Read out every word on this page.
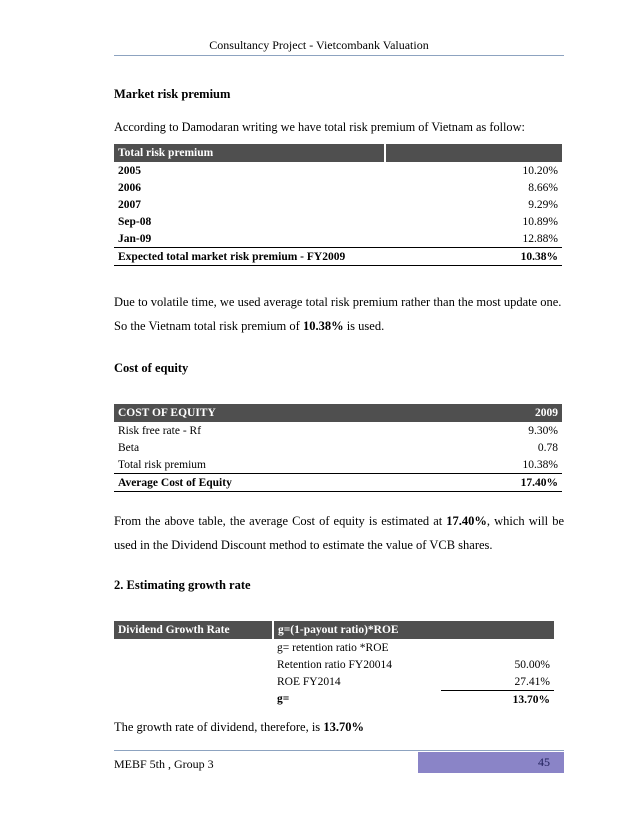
Consultancy Project - Vietcombank Valuation
Market risk premium
According to Damodaran writing we have total risk premium of Vietnam as follow:
Total risk premium	
2005	10.20%
2006	8.66%
2007	9.29%
Sep-08	10.89%
Jan-09	12.88%
Expected total market risk premium - FY2009	10.38%
Due to volatile time, we used average total risk premium rather than the most update one.
So the Vietnam total risk premium of 10.38% is used.
Cost of equity
COST OF EQUITY	2009
Risk free rate - Rf	9.30%
Beta	0.78
Total risk premium	10.38%
Average Cost of Equity	17.40%
From the above table, the average Cost of equity is estimated at 17.40%, which will be used in the Dividend Discount method to estimate the value of VCB shares.
2. Estimating growth rate
Dividend Growth Rate	g=(1-payout ratio)*ROE	
	g= retention ratio *ROE	
	Retention ratio FY20014	50.00%
	ROE FY2014	27.41%
	g=	13.70%
The growth rate of dividend, therefore, is 13.70%
MEBF 5th , Group 3	45
